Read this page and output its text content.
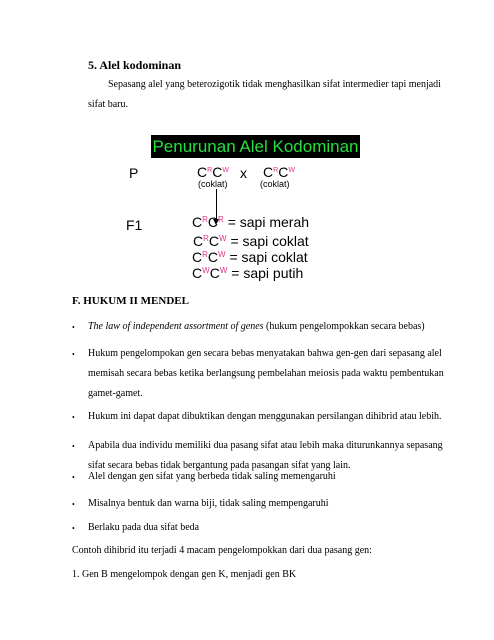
5. Alel kodominan
Sepasang alel yang beterozigotik tidak menghasilkan sifat intermedier tapi menjadi
sifat baru.
Penurunan Alel Kodominan
P	$C^RC^W$ x $C^RC^W$
(coklat)	(coklat)
F1	$C^RC^R$ = sapi merah
$C^RC^W$ = sapi coklat
$C^RC^W$ = sapi coklat
$C^WC^W$ = sapi putih
F. HUKUM II MENDEL
• The law of independent assortment of genes (hukum pengelompokkan secara bebas)
• Hukum pengelompokan gen secara bebas menyatakan bahwa gen-gen dari sepasang alel
memisah secara bebas ketika berlangsung pembelahan meiosis pada waktu pembentukan
gamet-gamet.
• Hukum ini dapat dapat dibuktikan dengan menggunakan persilangan dihibrid atau lebih.
• Apabila dua individu memiliki dua pasang sifat atau lebih maka diturunkannya sepasang
sifat secara bebas tidak bergantung pada pasangan sifat yang lain.
• Alel dengan gen sifat yang berbeda tidak saling memengaruhi
• Misalnya bentuk dan warna biji, tidak saling mempengaruhi
• Berlaku pada dua sifat beda
Contoh dihibrid itu terjadi 4 macam pengelompokkan dari dua pasang gen:
1. Gen B mengelompok dengan gen K, menjadi gen BK
